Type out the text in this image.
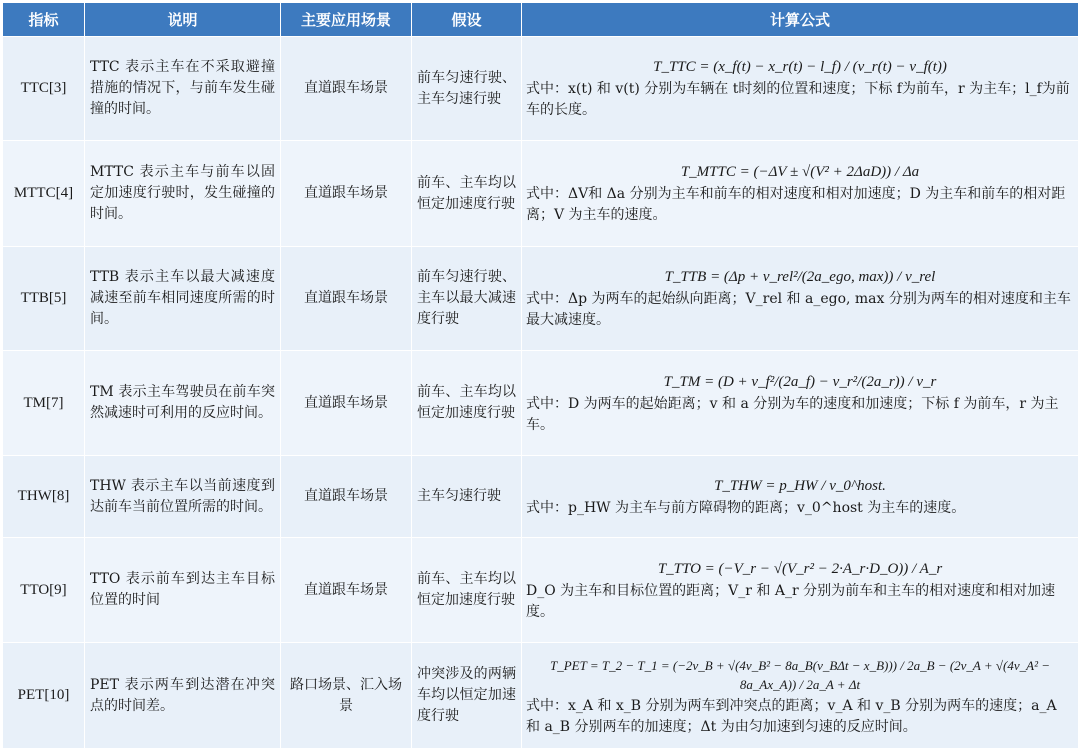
指标	说明	主要应用场景	假设	计算公式
TTC[3]	TTC 表示主车在不采取避撞措施的情况下，与前车发生碰撞的时间。	直道跟车场景	前车匀速行驶、主车匀速行驶	T_TTC = (x_f(t) − x_r(t) − l_f) / (v_r(t) − v_f(t))
式中：x(t) 和 v(t) 分别为车辆在 t时刻的位置和速度；下标 f为前车，r 为主车；l_f为前车的长度。

MTTC[4]	MTTC 表示主车与前车以固定加速度行驶时，发生碰撞的时间。	直道跟车场景	前车、主车均以恒定加速度行驶	T_MTTC = (−ΔV ± √(V² + 2ΔaD)) / Δa
式中：ΔV和 Δa 分别为主车和前车的相对速度和相对加速度；D 为主车和前车的相对距离；V 为主车的速度。

TTB[5]	TTB 表示主车以最大减速度减速至前车相同速度所需的时间。	直道跟车场景	前车匀速行驶、主车以最大减速度行驶	T_TTB = (Δp + v_rel²/(2a_ego, max)) / v_rel
式中：Δp 为两车的起始纵向距离；V_rel 和 a_ego, max 分别为两车的相对速度和主车最大减速度。

TM[7]	TM 表示主车驾驶员在前车突然减速时可利用的反应时间。	直道跟车场景	前车、主车均以恒定加速度行驶	T_TM = (D + v_f²/(2a_f) − v_r²/(2a_r)) / v_r
式中：D 为两车的起始距离；v 和 a 分别为车的速度和加速度；下标 f 为前车，r 为主车。

THW[8]	THW 表示主车以当前速度到达前车当前位置所需的时间。	直道跟车场景	主车匀速行驶	T_THW = p_HW / v_0^host.
式中：p_HW 为主车与前方障碍物的距离；v_0^host 为主车的速度。

TTO[9]	TTO 表示前车到达主车目标位置的时间	直道跟车场景	前车、主车均以恒定加速度行驶	T_TTO = (−V_r − √(V_r² − 2·A_r·D_O)) / A_r
D_O 为主车和目标位置的距离；V_r 和 A_r 分别为前车和主车的相对速度和相对加速度。

PET[10]	PET 表示两车到达潜在冲突点的时间差。	路口场景、汇入场景	冲突涉及的两辆车均以恒定加速度行驶	T_PET = T_2 − T_1 = (−2v_B + √(4v_B² − 8a_B(v_BΔt − x_B))) / 2a_B − (2v_A + √(4v_A² − 8a_Ax_A)) / 2a_A + Δt
式中：x_A 和 x_B 分别为两车到冲突点的距离；v_A 和 v_B 分别为两车的速度；a_A 和 a_B 分别两车的加速度；Δt 为由匀加速到匀速的反应时间。
